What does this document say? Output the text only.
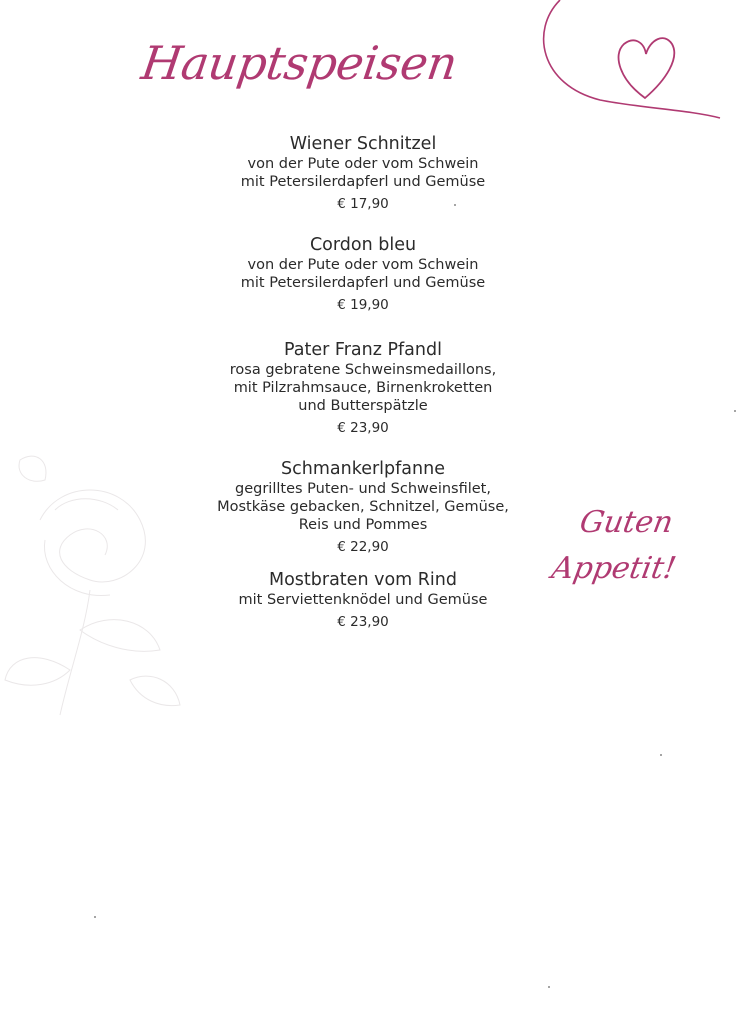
Hauptspeisen
Wiener Schnitzel
von der Pute oder vom Schwein
mit Petersilerdapferl und Gemüse
€ 17,90
Cordon bleu
von der Pute oder vom Schwein
mit Petersilerdapferl und Gemüse
€ 19,90
Pater Franz Pfandl
rosa gebratene Schweinsmedaillons,
mit Pilzrahmsauce, Birnenkroketten
und Butterspätzle
€ 23,90
Schmankerlpfanne
gegrilltes Puten- und Schweinsfilet,
Mostkäse gebacken, Schnitzel, Gemüse,
Reis und Pommes
€ 22,90
Mostbraten vom Rind
mit Serviettenknödel und Gemüse
€ 23,90
Guten
Appetit!
